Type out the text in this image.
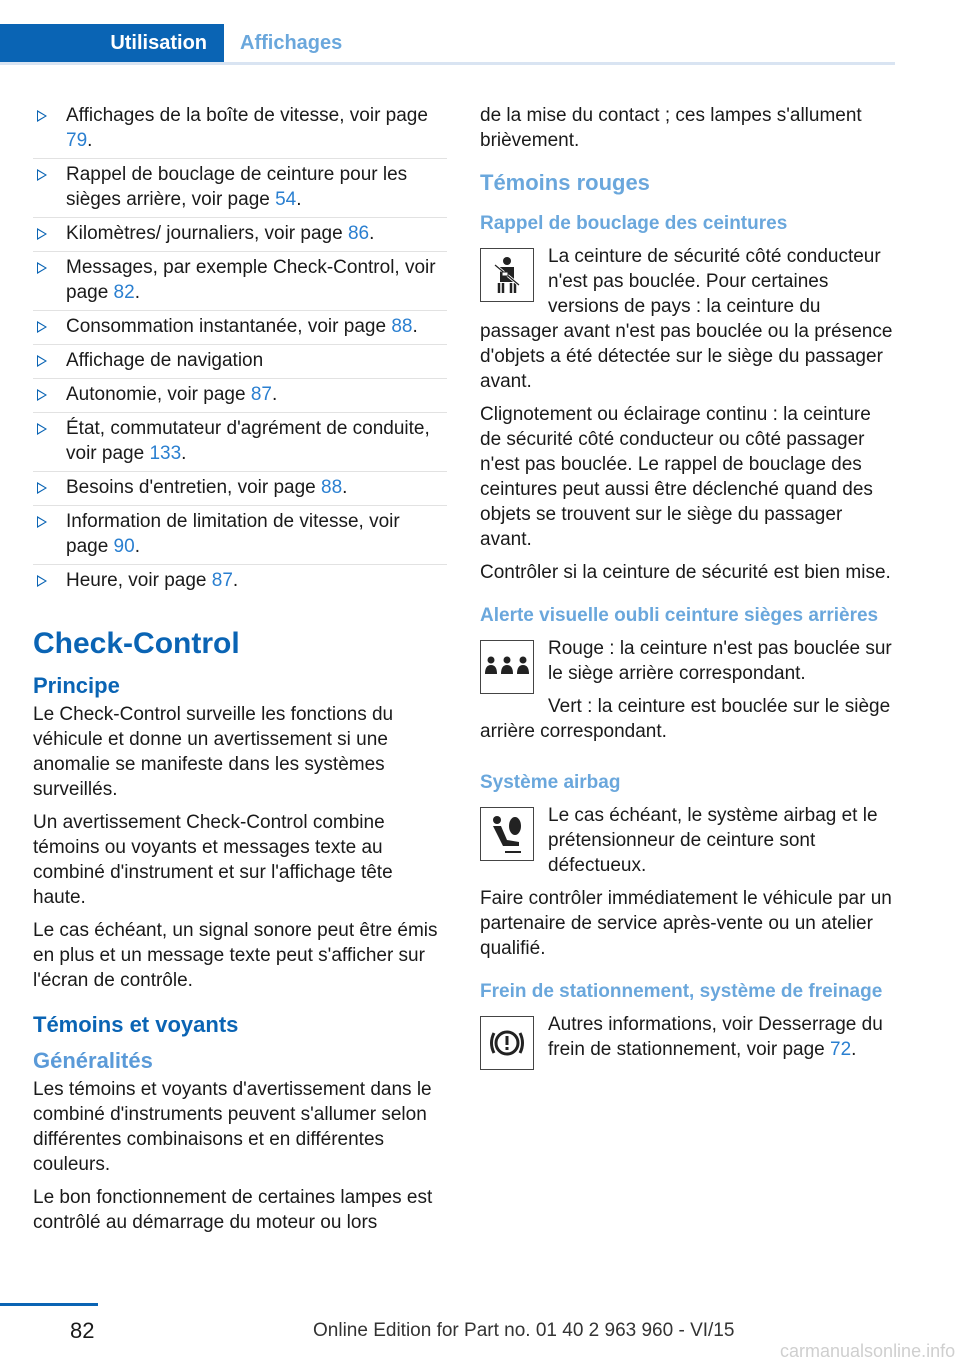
Utilisation	Affichages
Affichages de la boîte de vitesse, voir page 79.
Rappel de bouclage de ceinture pour les sièges arrière, voir page 54.
Kilomètres/ journaliers, voir page 86.
Messages, par exemple Check-Control, voir page 82.
Consommation instantanée, voir page 88.
Affichage de navigation
Autonomie, voir page 87.
État, commutateur d'agrément de conduite, voir page 133.
Besoins d'entretien, voir page 88.
Information de limitation de vitesse, voir page 90.
Heure, voir page 87.
Check-Control
Principe

Le Check-Control surveille les fonctions du véhicule et donne un avertissement si une anomalie se manifeste dans les systèmes surveillés.

Un avertissement Check-Control combine témoins ou voyants et messages texte au combiné d'instrument et sur l'affichage tête haute.

Le cas échéant, un signal sonore peut être émis en plus et un message texte peut s'afficher sur l'écran de contrôle.

Témoins et voyants
Généralités

Les témoins et voyants d'avertissement dans le combiné d'instruments peuvent s'allumer selon différentes combinaisons et en différentes couleurs.

Le bon fonctionnement de certaines lampes est contrôlé au démarrage du moteur ou lors

de la mise du contact ; ces lampes s'allument brièvement.

Témoins rouges
Rappel de bouclage des ceintures

La ceinture de sécurité côté conducteur n'est pas bouclée. Pour certaines versions de pays : la ceinture du passager avant n'est pas bouclée ou la présence d'objets a été détectée sur le siège du passager avant.

Clignotement ou éclairage continu : la ceinture de sécurité côté conducteur ou côté passager n'est pas bouclée. Le rappel de bouclage des ceintures peut aussi être déclenché quand des objets se trouvent sur le siège du passager avant.

Contrôler si la ceinture de sécurité est bien mise.

Alerte visuelle oubli ceinture sièges arrières

Rouge : la ceinture n'est pas bouclée sur le siège arrière correspondant.

Vert : la ceinture est bouclée sur le siège arrière correspondant.

Système airbag

Le cas échéant, le système airbag et le prétensionneur de ceinture sont défectueux.

Faire contrôler immédiatement le véhicule par un partenaire de service après-vente ou un atelier qualifié.

Frein de stationnement, système de freinage

Autres informations, voir Desserrage du frein de stationnement, voir page 72.

82	Online Edition for Part no. 01 40 2 963 960 - VI/15
carmanualsonline.info
